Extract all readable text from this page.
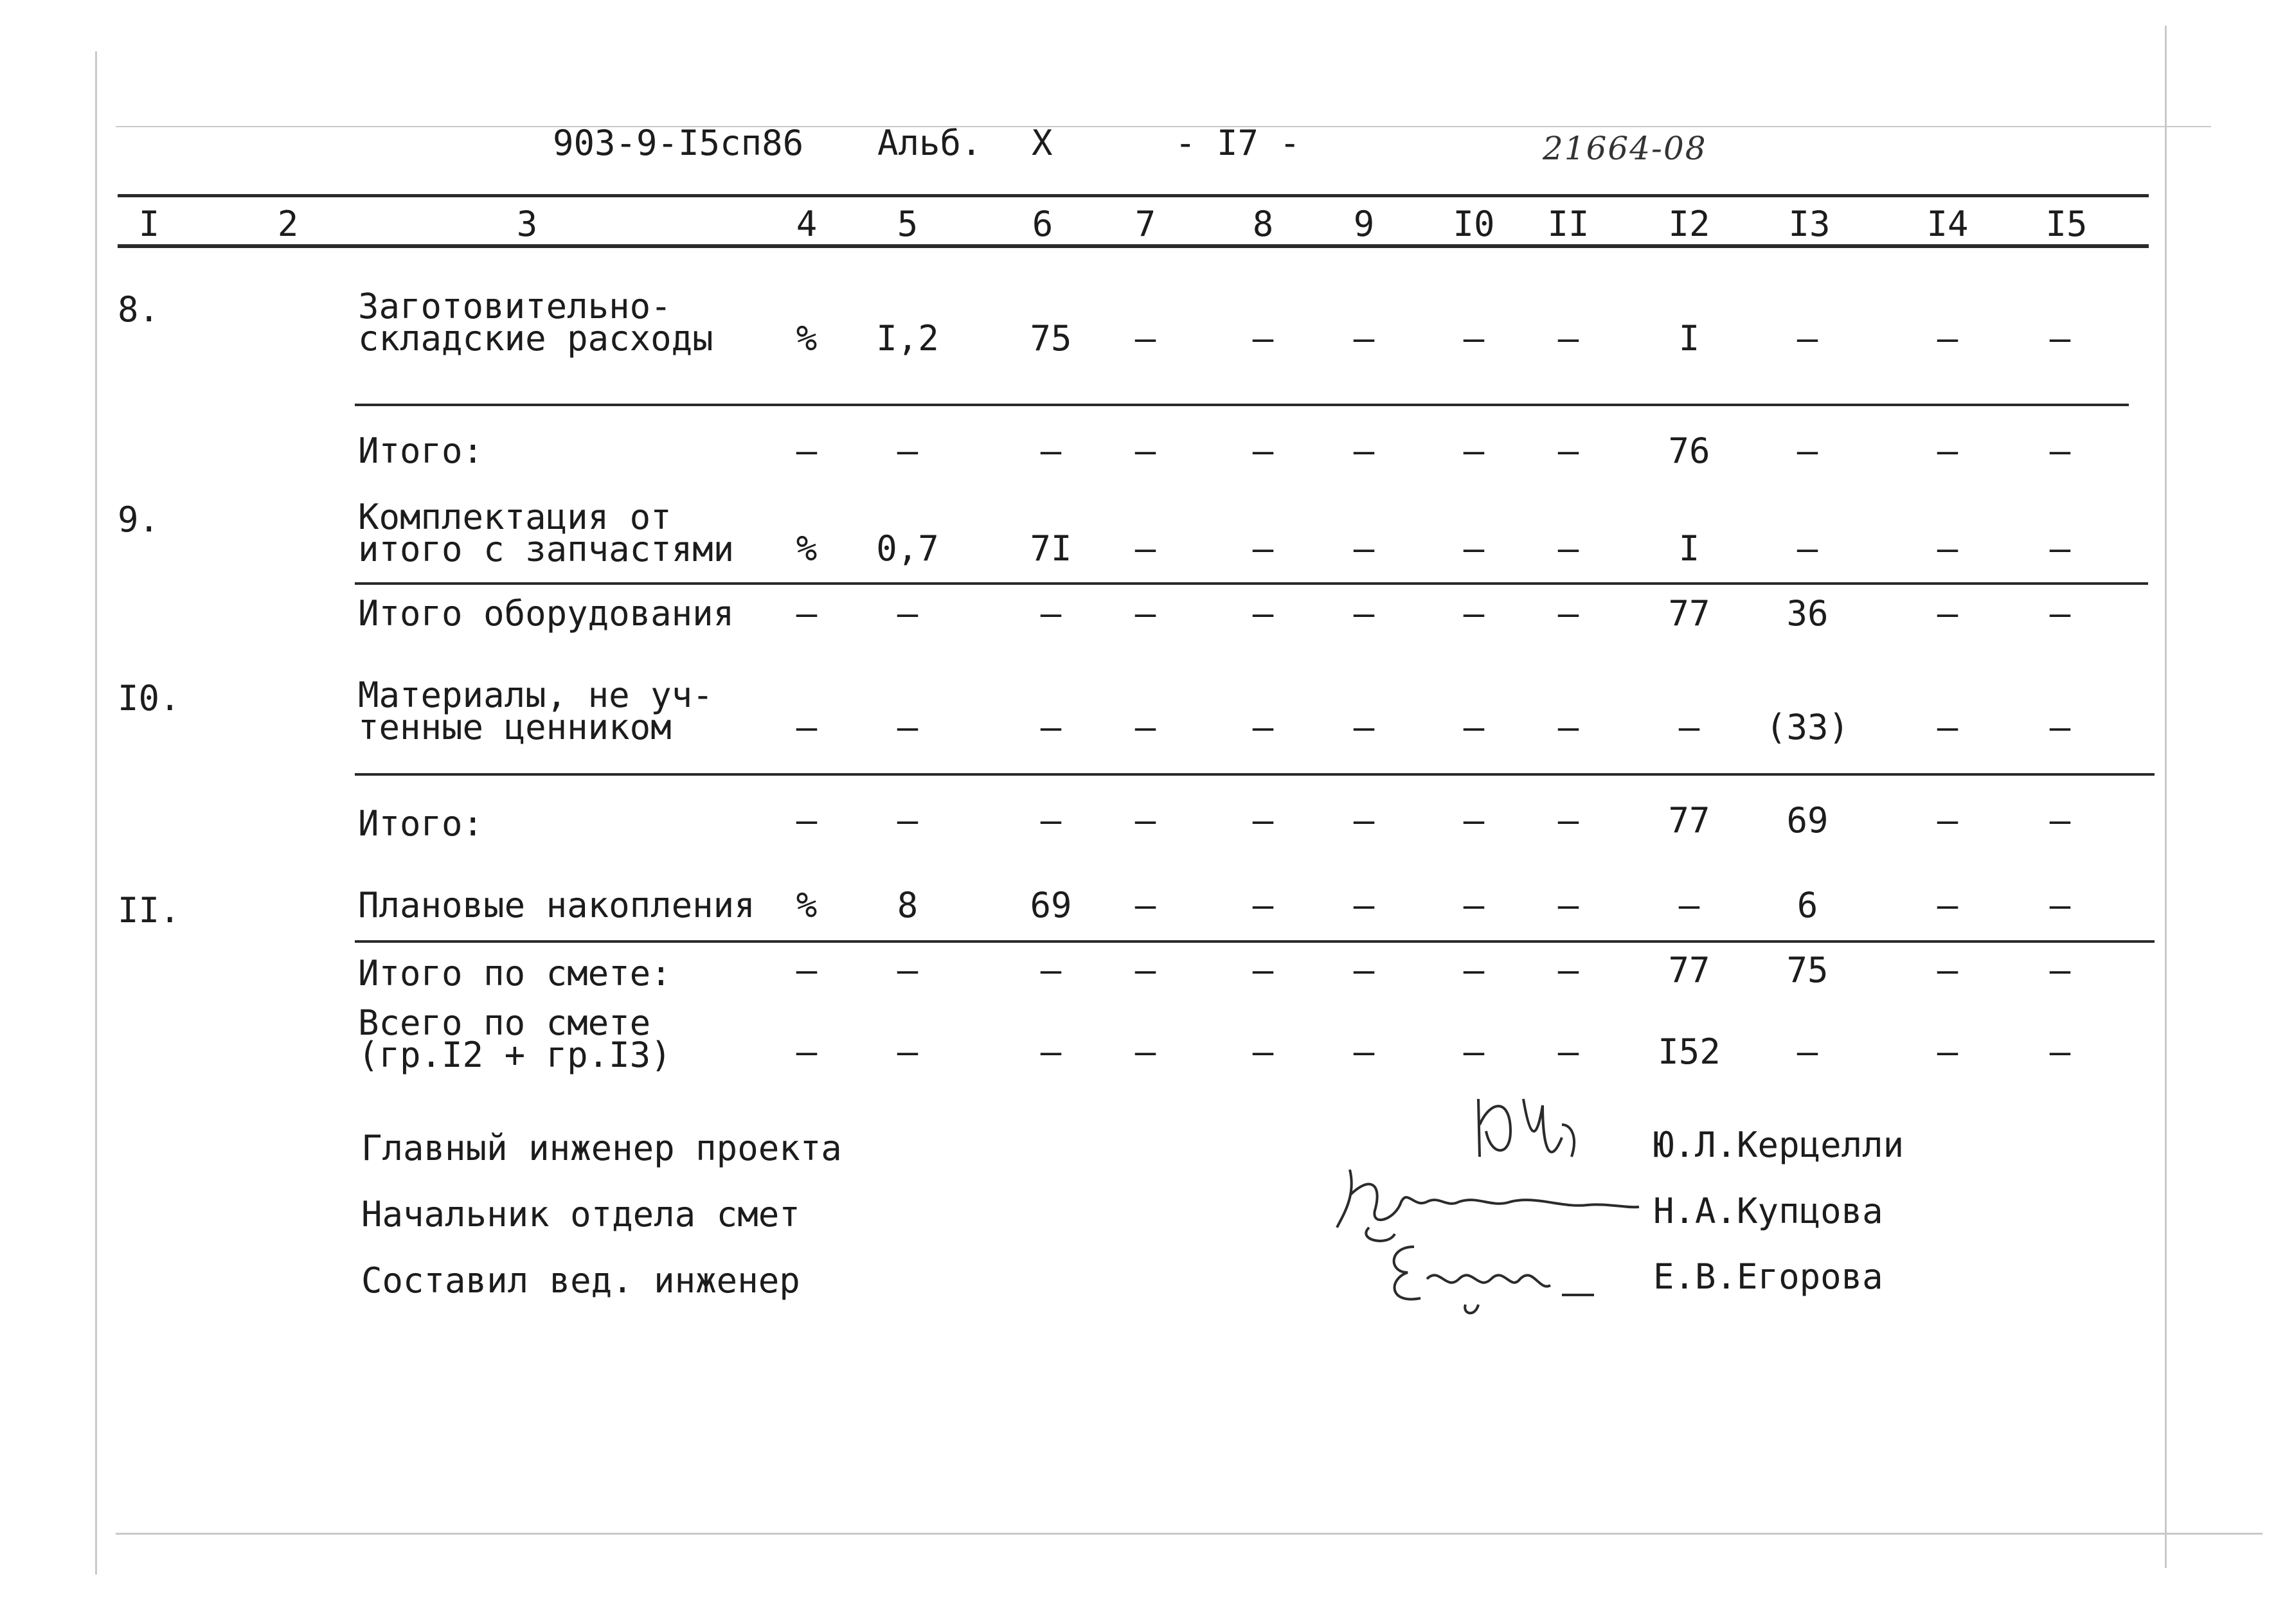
903-9-I5сп86 Альб. X	- I7 -	21664-08
I	2	3	4	5	6	7	8	9	I0 II I2 I3	I4 I5
8.	Заготовительно-
складские расходы	%	I,2	75	–	–	–	–	–	I	–	–	–
Итого:	–	–	–	–	–	–	–	–	76	–	–	–
9.	Комплектация от
итого с запчастями	%	0,7	7I	–	–	–	–	–	I	–	–	–
Итого оборудования	–	–	–	–	–	–	–	–	77	36	–	–
I0.	Материалы, не уч-
тенные ценником	–	–	–	–	–	–	–	–	–	(33)	–	–
Итого:	–	–	–	–	–	–	–	–	77	69	–	–
II.	Плановые накопления	%	8	69	–	–	–	–	–	–	6	–	–
Итого по смете:	–	–	–	–	–	–	–	–	77	75	–	–
Всего по смете
(гр.I2 + гр.I3)	–	–	–	–	–	–	–	–	I52	–	–	–
Главный инженер проекта
Начальник отдела смет
Составил вед. инженер
Ю.Л.Керцелли
Н.А.Купцова
Е.В.Егорова
